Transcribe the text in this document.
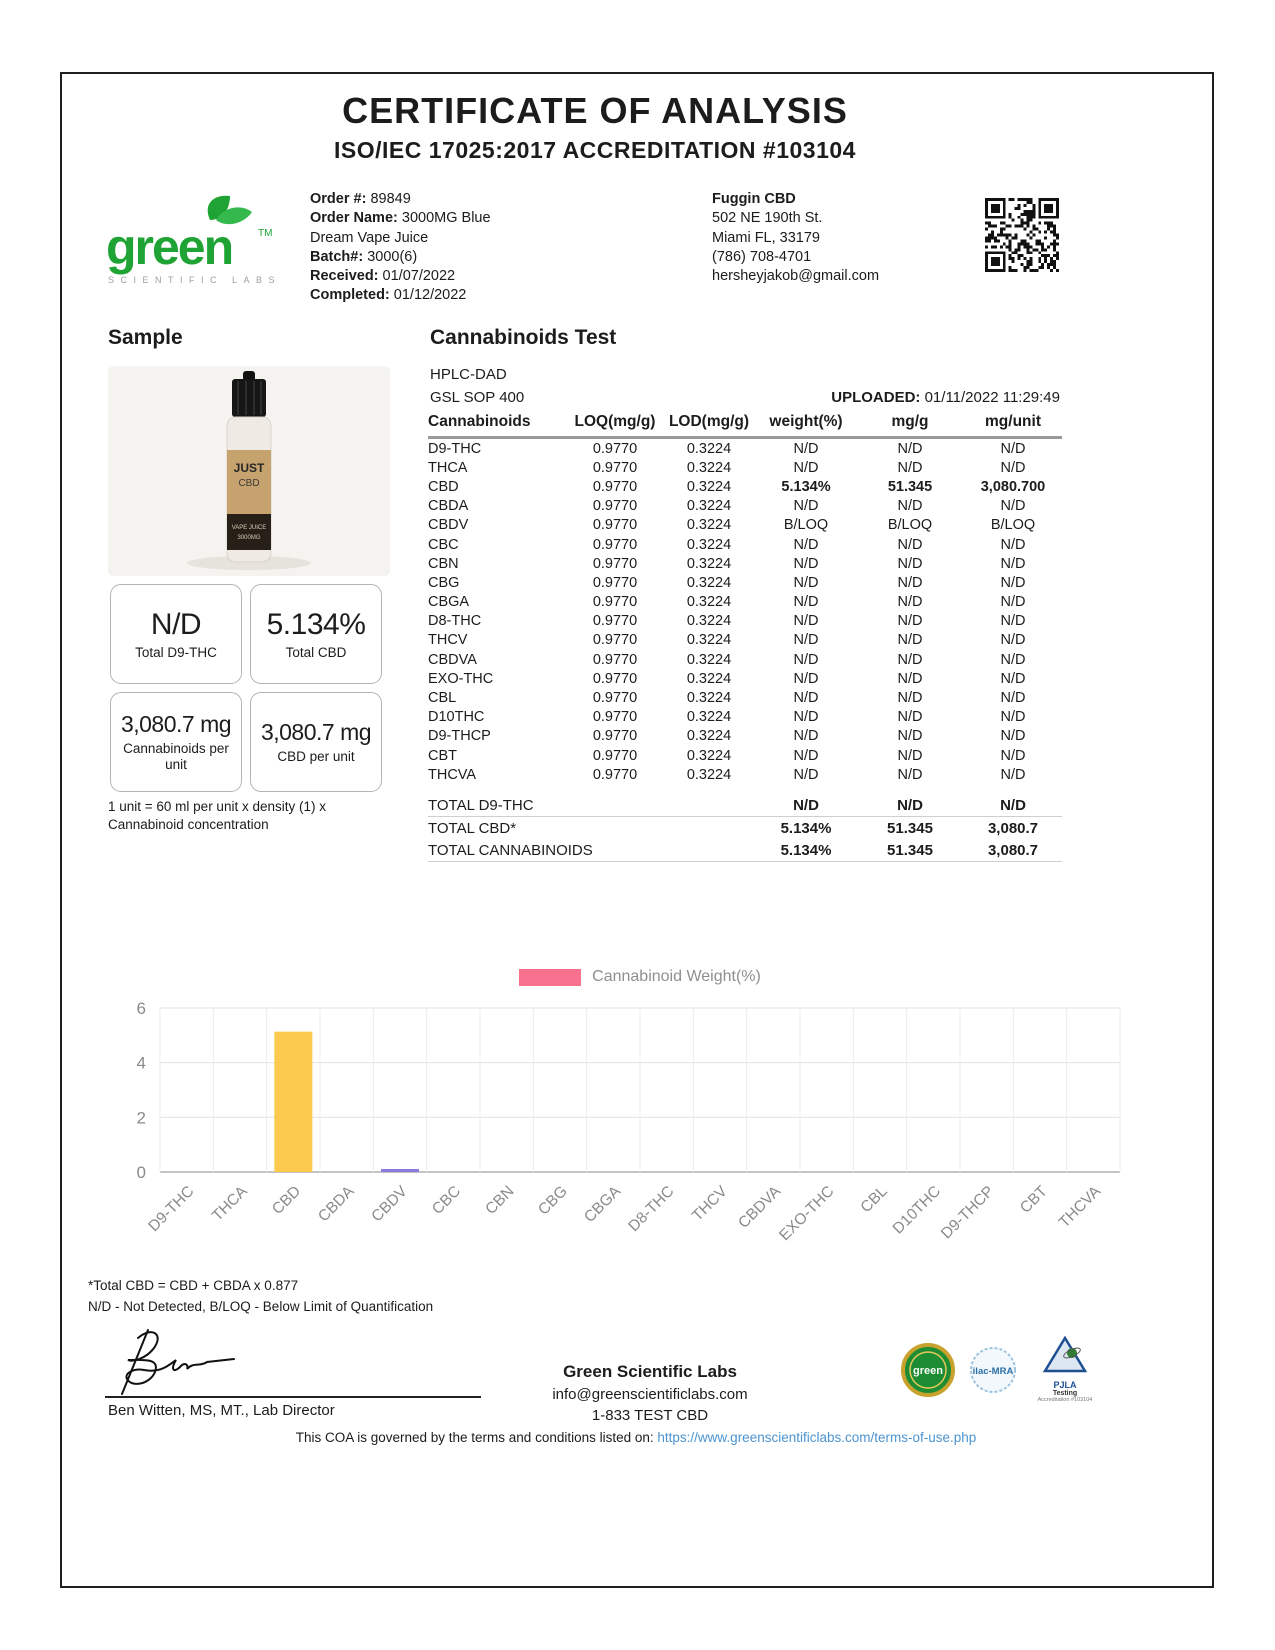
CERTIFICATE OF ANALYSIS
ISO/IEC 17025:2017 ACCREDITATION #103104
green	TM
SCIENTIFIC LABS
Order #: 89849
Order Name: 3000MG Blue Dream Vape Juice
Batch#: 3000(6)
Received: 01/07/2022
Completed: 01/12/2022
Fuggin CBD
502 NE 190th St.
Miami FL, 33179
(786) 708-4701
hersheyjakob@gmail.com
Sample
JUST
CBD
VAPE JUICE
3000MG
N/D
Total D9-THC
5.134%
Total CBD
3,080.7 mg
Cannabinoids per unit
3,080.7 mg
CBD per unit
1 unit = 60 ml per unit x density (1) x Cannabinoid concentration
Cannabinoids Test
HPLC-DAD
GSL SOP 400	UPLOADED: 01/11/2022 11:29:49
Cannabinoids	LOQ(mg/g)	LOD(mg/g)	weight(%)	mg/g	mg/unit
D9-THC	0.9770	0.3224	N/D	N/D	N/D
THCA	0.9770	0.3224	N/D	N/D	N/D
CBD	0.9770	0.3224	5.134%	51.345	3,080.700
CBDA	0.9770	0.3224	N/D	N/D	N/D
CBDV	0.9770	0.3224	B/LOQ	B/LOQ	B/LOQ
CBC	0.9770	0.3224	N/D	N/D	N/D
CBN	0.9770	0.3224	N/D	N/D	N/D
CBG	0.9770	0.3224	N/D	N/D	N/D
CBGA	0.9770	0.3224	N/D	N/D	N/D
D8-THC	0.9770	0.3224	N/D	N/D	N/D
THCV	0.9770	0.3224	N/D	N/D	N/D
CBDVA	0.9770	0.3224	N/D	N/D	N/D
EXO-THC	0.9770	0.3224	N/D	N/D	N/D
CBL	0.9770	0.3224	N/D	N/D	N/D
D10THC	0.9770	0.3224	N/D	N/D	N/D
D9-THCP	0.9770	0.3224	N/D	N/D	N/D
CBT	0.9770	0.3224	N/D	N/D	N/D
THCVA	0.9770	0.3224	N/D	N/D	N/D

TOTAL D9-THC			N/D	N/D	N/D
TOTAL CBD*			5.134%	51.345	3,080.7
TOTAL CANNABINOIDS			5.134%	51.345	3,080.7
Cannabinoid Weight(%)
0
2
4
6
D9-THC THCA CBD CBDA CBDV CBC CBN CBG CBGA D8-THC THCV CBDVA
EXO-THC CBL
D10THC
D9-THCP CBT THCVA
*Total CBD = CBD + CBDA x 0.877
N/D - Not Detected, B/LOQ - Below Limit of Quantification
Ben Witten, MS, MT., Lab Director
Green Scientific Labs
info@greenscientificlabs.com
1-833 TEST CBD
green	ilac-MRA
PJLA
Testing
Accreditation #103104
This COA is governed by the terms and conditions listed on: https://www.greenscientificlabs.com/terms-of-use.php
